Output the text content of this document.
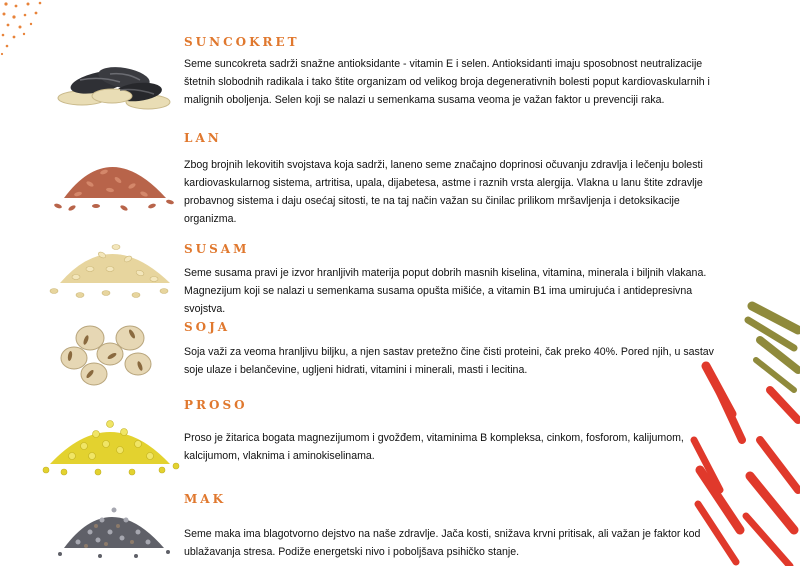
SUNCOKRET

Seme suncokreta sadrži snažne antioksidante - vitamin E i selen. Antioksidanti imaju sposobnost neutralizacije štetnih slobodnih radikala i tako štite organizam od velikog broja degenerativnih bolesti poput kardiovaskularnih i malignih oboljenja. Selen koji se nalazi u semenkama susama veoma je važan faktor u prevenciji raka.

LAN

Zbog brojnih lekovitih svojstava koja sadrži, laneno seme značajno doprinosi očuvanju zdravlja i lečenju bolesti kardiovaskularnog sistema, artritisa, upala, dijabetesa, astme i raznih vrsta alergija. Vlakna u lanu štite zdravlje probavnog sistema i daju osećaj sitosti, te na taj način važan su činilac prilikom mršavljenja i detoksikacije organizma.

SUSAM

Seme susama pravi je izvor hranljivih materija poput dobrih masnih kiselina, vitamina, minerala i biljnih vlakana. Magnezijum koji se nalazi u semenkama susama opušta mišiće, a vitamin B1 ima umirujuća i antidepresivna svojstva.

SOJA

Soja važi za veoma hranljivu biljku, a njen sastav pretežno čine čisti proteini, čak preko 40%. Pored njih, u sastav soje ulaze i belančevine, ugljeni hidrati, vitamini i minerali, masti i lecitina.

PROSO

Proso je žitarica bogata magnezijumom i gvožđem, vitaminima B kompleksa, cinkom, fosforom, kalijumom, kalcijumom, vlaknima i aminokiselinama.

MAK

Seme maka ima blagotvorno dejstvo na naše zdravlje. Jača kosti, snižava krvni pritisak, ali važan je faktor kod ublažavanja stresa. Podiže energetski nivo i poboljšava psihičko stanje.
